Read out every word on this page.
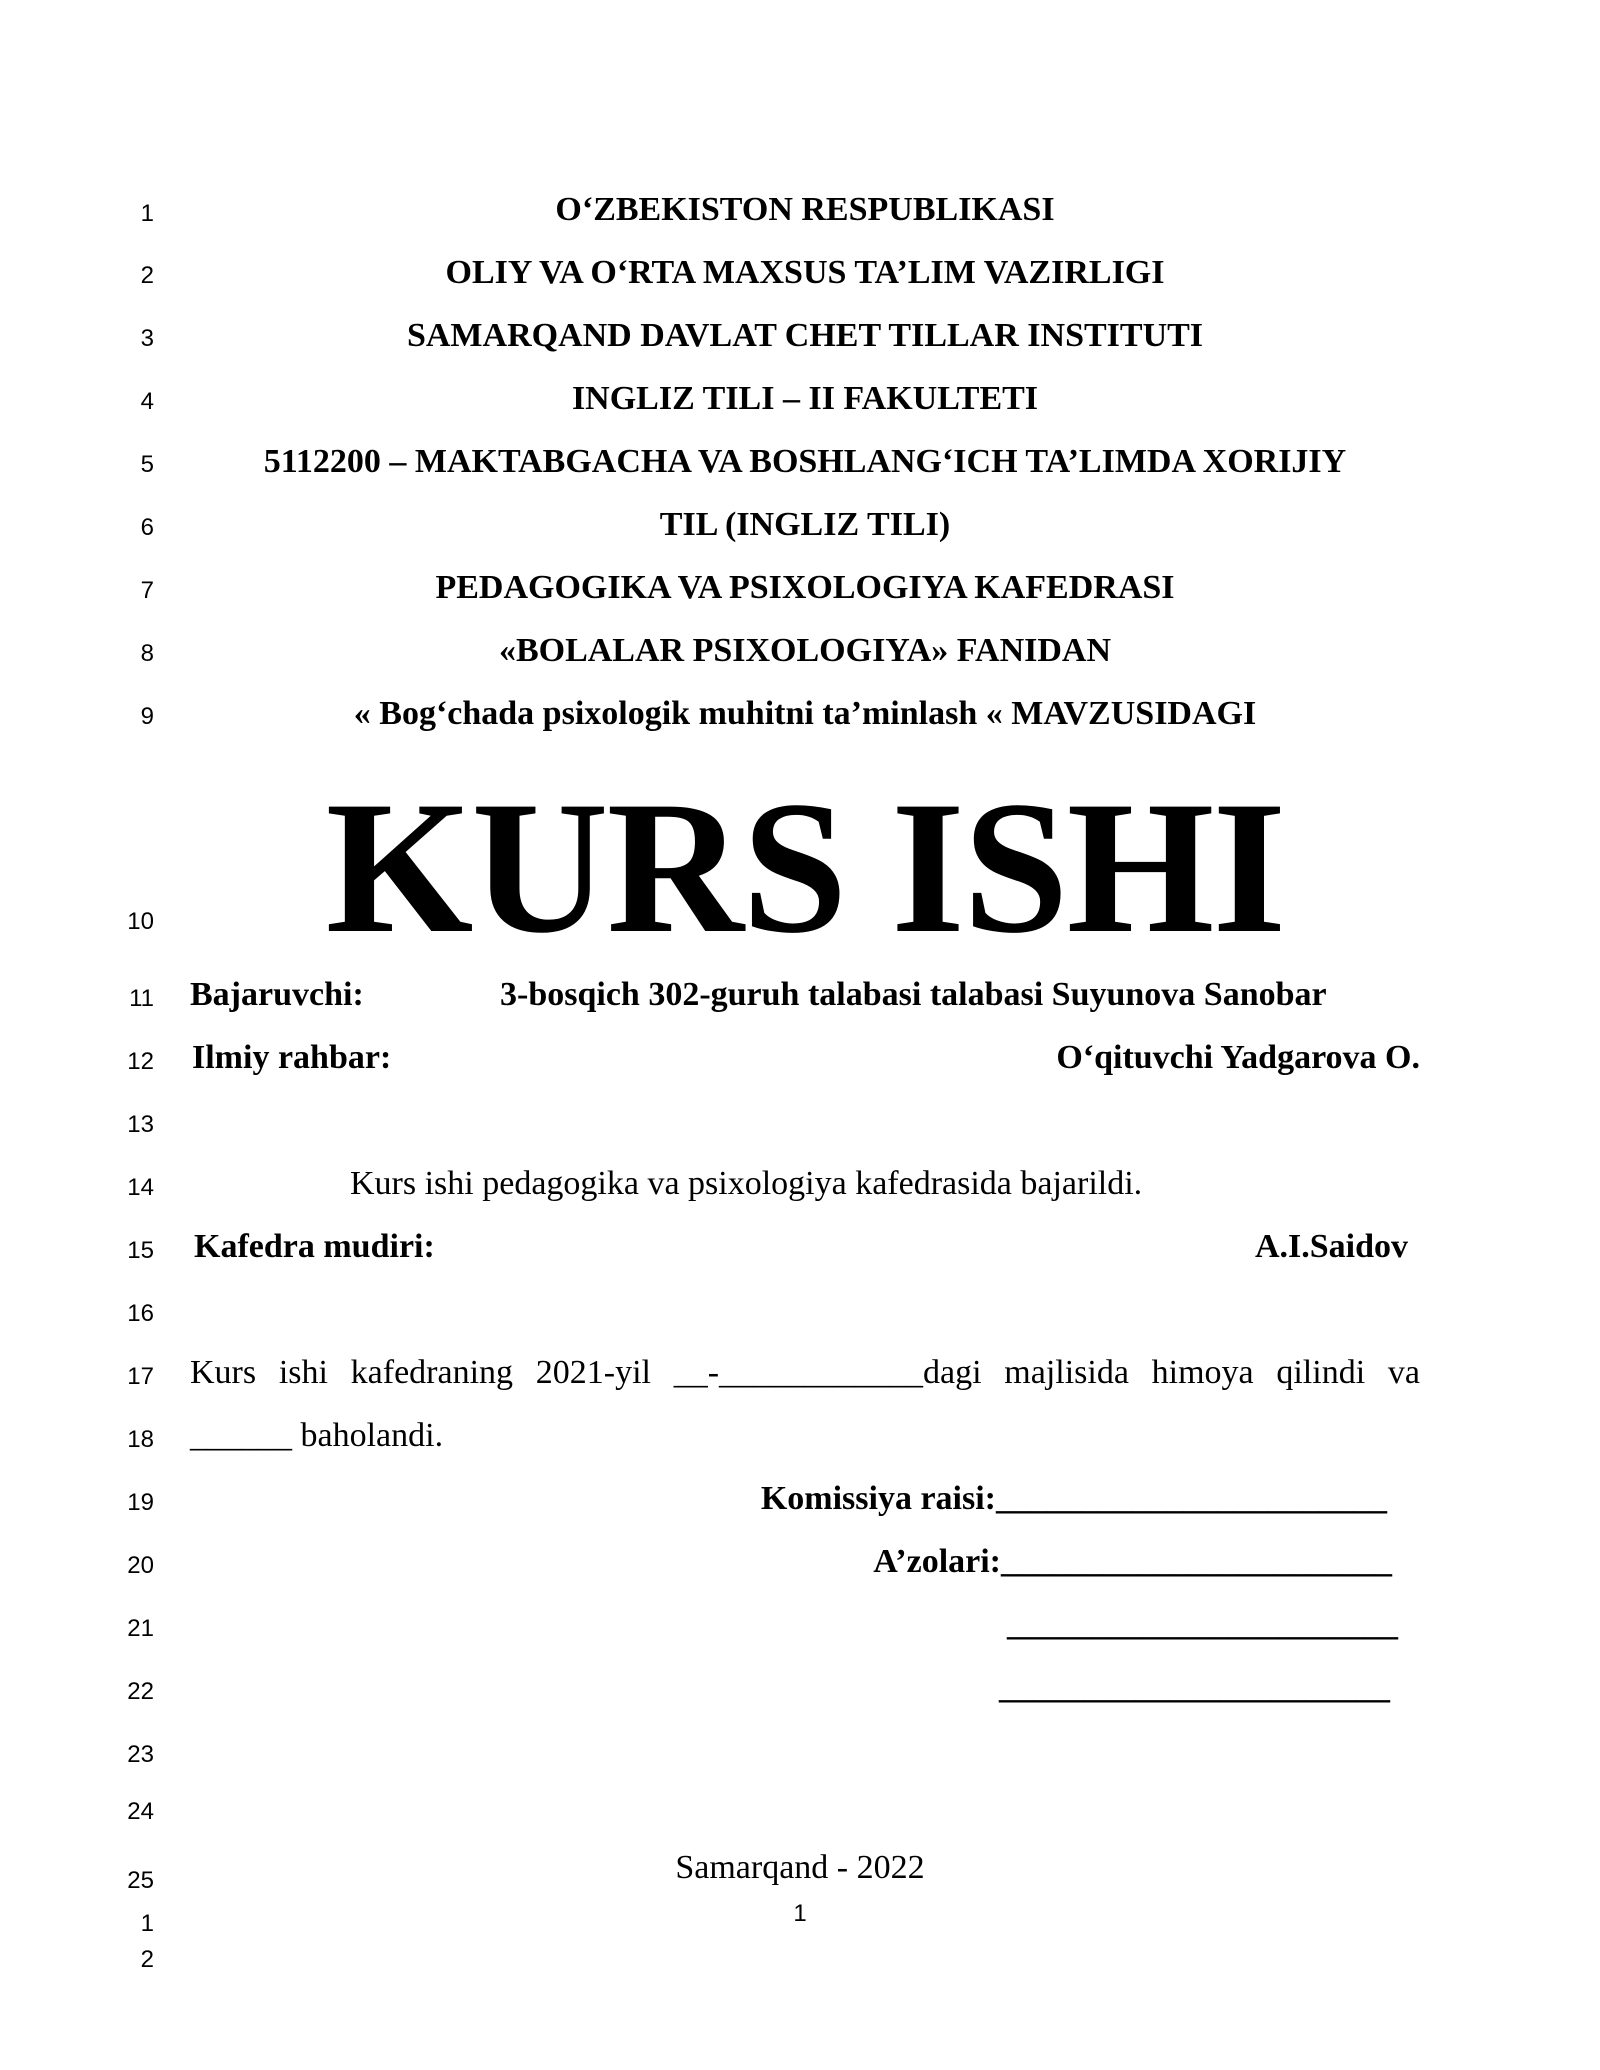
1
2
3
4
5
6
7
8
9
10
11
12
13
14
15
16
17
18
19
20
21
22
23
24
25
1
2
O‘ZBEKISTON RESPUBLIKASI
OLIY VA O‘RTA MAXSUS TA’LIM VAZIRLIGI
SAMARQAND DAVLAT CHET TILLAR INSTITUTI
INGLIZ TILI – II FAKULTETI
5112200 – MAKTABGACHA VA BOSHLANG‘ICH TA’LIMDA XORIJIY
TIL (INGLIZ TILI)
PEDAGOGIKA VA PSIXOLOGIYA KAFEDRASI
«BOLALAR PSIXOLOGIYA» FANIDAN
« Bog‘chada psixologik muhitni ta’minlash « MAVZUSIDAGI
KURS ISHI
Bajaruvchi:	3-bosqich 302-guruh talabasi talabasi Suyunova Sanobar
Ilmiy rahbar:	O‘qituvchi Yadgarova O.
Kurs ishi pedagogika va psixologiya kafedrasida bajarildi.
Kafedra mudiri:	A.I.Saidov
Kurs ishi kafedraning 2021-yil __-____________dagi majlisida himoya qilindi va
______ baholandi.
Komissiya raisi:_______________________
A’zolari:_______________________
_______________________
_______________________
Samarqand - 2022
1
